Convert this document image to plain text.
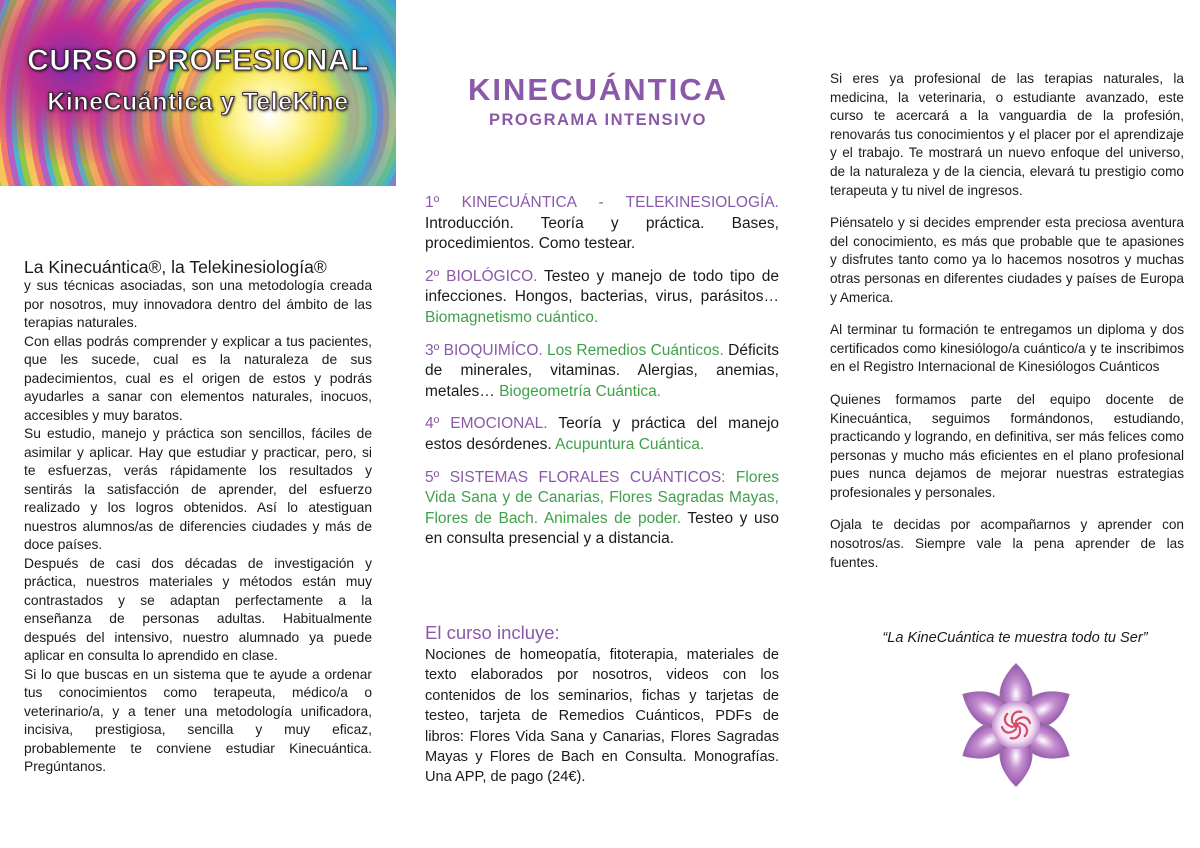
CURSO PROFESIONAL
KineCuántica y TeleKine

La Kinecuántica®, la Telekinesiología®

y sus técnicas asociadas, son una metodología creada por nosotros, muy innovadora dentro del ámbito de las terapias naturales.

Con ellas podrás comprender y explicar a tus pacientes, que les sucede, cual es la naturaleza de sus padecimientos, cual es el origen de estos y podrás ayudarles a sanar con elementos naturales, inocuos, accesibles y muy baratos.

Su estudio, manejo y práctica son sencillos, fáciles de asimilar y aplicar. Hay que estudiar y practicar, pero, si te esfuerzas, verás rápidamente los resultados y sentirás la satisfacción de aprender, del esfuerzo realizado y los logros obtenidos. Así lo atestiguan nuestros alumnos/as de diferencies ciudades y más de doce países.

Después de casi dos décadas de investigación y práctica, nuestros materiales y métodos están muy contrastados y se adaptan perfectamente a la enseñanza de personas adultas. Habitualmente después del intensivo, nuestro alumnado ya puede aplicar en consulta lo aprendido en clase.

Si lo que buscas en un sistema que te ayude a ordenar tus conocimientos como terapeuta, médico/a o veterinario/a, y a tener una metodología unificadora, incisiva, prestigiosa, sencilla y muy eficaz, probablemente te conviene estudiar Kinecuántica. Pregúntanos.

KINECUÁNTICA
PROGRAMA INTENSIVO

1º KINECUÁNTICA - TELEKINESIOLOGÍA. Introducción. Teoría y práctica. Bases, procedimientos. Como testear.

2º BIOLÓGICO. Testeo y manejo de todo tipo de infecciones. Hongos, bacterias, virus, parásitos… Biomagnetismo cuántico.

3º BIOQUIMÍCO. Los Remedios Cuánticos. Déficits de minerales, vitaminas. Alergias, anemias, metales… Biogeometría Cuántica.

4º EMOCIONAL. Teoría y práctica del manejo estos desórdenes. Acupuntura Cuántica.

5º SISTEMAS FLORALES CUÁNTICOS: Flores Vida Sana y de Canarias, Flores Sagradas Mayas, Flores de Bach. Animales de poder. Testeo y uso en consulta presencial y a distancia.

El curso incluye:
Nociones de homeopatía, fitoterapia, materiales de texto elaborados por nosotros, videos con los contenidos de los seminarios, fichas y tarjetas de testeo, tarjeta de Remedios Cuánticos, PDFs de libros: Flores Vida Sana y Canarias, Flores Sagradas Mayas y Flores de Bach en Consulta. Monografías. Una APP, de pago (24€).

Si eres ya profesional de las terapias naturales, la medicina, la veterinaria, o estudiante avanzado, este curso te acercará a la vanguardia de la profesión, renovarás tus conocimientos y el placer por el aprendizaje y el trabajo. Te mostrará un nuevo enfoque del universo, de la naturaleza y de la ciencia, elevará tu prestigio como terapeuta y tu nivel de ingresos.

Piénsatelo y si decides emprender esta preciosa aventura del conocimiento, es más que probable que te apasiones y disfrutes tanto como ya lo hacemos nosotros y muchas otras personas en diferentes ciudades y países de Europa y America.

Al terminar tu formación te entregamos un diploma y dos certificados como kinesiólogo/a cuántico/a y te inscribimos en el Registro Internacional de Kinesiólogos Cuánticos

Quienes formamos parte del equipo docente de Kinecuántica, seguimos formándonos, estudiando, practicando y logrando, en definitiva, ser más felices como personas y mucho más eficientes en el plano profesional pues nunca dejamos de mejorar nuestras estrategias profesionales y personales.

Ojala te decidas por acompañarnos y aprender con nosotros/as. Siempre vale la pena aprender de las fuentes.

“La KineCuántica te muestra todo tu Ser”
